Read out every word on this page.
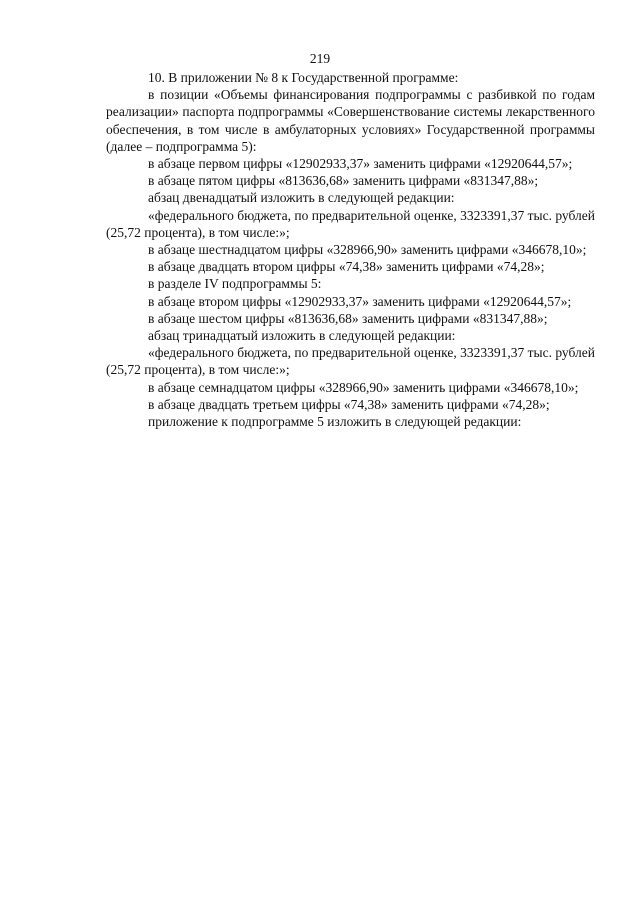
219

10. В приложении № 8 к Государственной программе:

в позиции «Объемы финансирования подпрограммы с разбивкой по годам реализации» паспорта подпрограммы «Совершенствование системы лекарственного обеспечения, в том числе в амбулаторных условиях» Государственной программы (далее – подпрограмма 5):

в абзаце первом цифры «12902933,37» заменить цифрами «12920644,57»;

в абзаце пятом цифры «813636,68» заменить цифрами «831347,88»;

абзац двенадцатый изложить в следующей редакции:

«федерального бюджета, по предварительной оценке, 3323391,37 тыс. рублей (25,72 процента), в том числе:»;

в абзаце шестнадцатом цифры «328966,90» заменить цифрами «346678,10»;

в абзаце двадцать втором цифры «74,38» заменить цифрами «74,28»;

в разделе IV подпрограммы 5:

в абзаце втором цифры «12902933,37» заменить цифрами «12920644,57»;

в абзаце шестом цифры «813636,68» заменить цифрами «831347,88»;

абзац тринадцатый изложить в следующей редакции:

«федерального бюджета, по предварительной оценке, 3323391,37 тыс. рублей (25,72 процента), в том числе:»;

в абзаце семнадцатом цифры «328966,90» заменить цифрами «346678,10»;

в абзаце двадцать третьем цифры «74,38» заменить цифрами «74,28»;

приложение к подпрограмме 5 изложить в следующей редакции:
